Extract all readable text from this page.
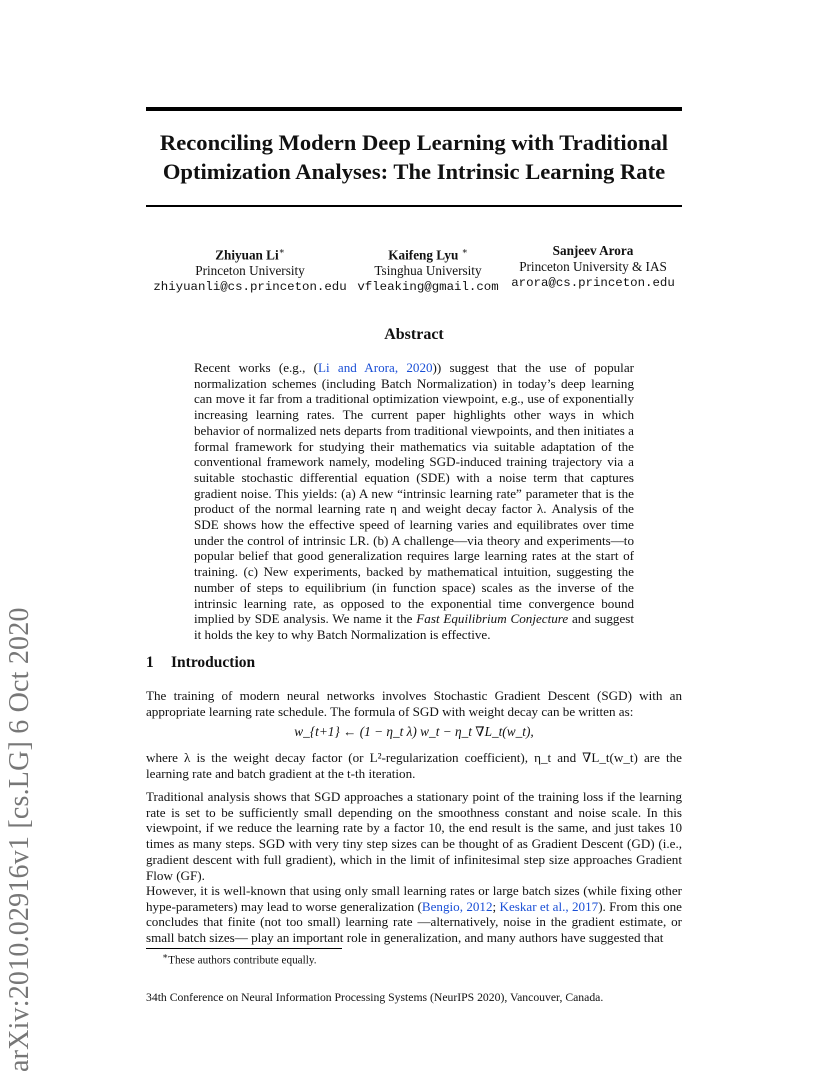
arXiv:2010.02916v1 [cs.LG] 6 Oct 2020
Reconciling Modern Deep Learning with Traditional
Optimization Analyses: The Intrinsic Learning Rate
Zhiyuan Li∗
Princeton University
zhiyuanli@cs.princeton.edu
Kaifeng Lyu ∗
Tsinghua University
vfleaking@gmail.com
Sanjeev Arora
Princeton University & IAS
arora@cs.princeton.edu
Abstract
Recent works (e.g., (Li and Arora, 2020)) suggest that the use of popular normalization schemes (including Batch Normalization) in today’s deep learning can move it far from a traditional optimization viewpoint, e.g., use of exponentially increasing learning rates. The current paper highlights other ways in which behavior of normalized nets departs from traditional viewpoints, and then initiates a formal framework for studying their mathematics via suitable adaptation of the conventional framework namely, modeling SGD-induced training trajectory via a suitable stochastic differential equation (SDE) with a noise term that captures gradient noise. This yields: (a) A new “intrinsic learning rate” parameter that is the product of the normal learning rate η and weight decay factor λ. Analysis of the SDE shows how the effective speed of learning varies and equilibrates over time under the control of intrinsic LR. (b) A challenge—via theory and experiments—to popular belief that good generalization requires large learning rates at the start of training. (c) New experiments, backed by mathematical intuition, suggesting the number of steps to equilibrium (in function space) scales as the inverse of the intrinsic learning rate, as opposed to the exponential time convergence bound implied by SDE analysis. We name it the Fast Equilibrium Conjecture and suggest it holds the key to why Batch Normalization is effective.
1 Introduction
The training of modern neural networks involves Stochastic Gradient Descent (SGD) with an appropriate learning rate schedule. The formula of SGD with weight decay can be written as:
w_{t+1} ← (1 − η_t λ) w_t − η_t ∇L_t(w_t),
where λ is the weight decay factor (or L²-regularization coefficient), η_t and ∇L_t(w_t) are the learning rate and batch gradient at the t-th iteration.
Traditional analysis shows that SGD approaches a stationary point of the training loss if the learning rate is set to be sufficiently small depending on the smoothness constant and noise scale. In this viewpoint, if we reduce the learning rate by a factor 10, the end result is the same, and just takes 10 times as many steps. SGD with very tiny step sizes can be thought of as Gradient Descent (GD) (i.e., gradient descent with full gradient), which in the limit of infinitesimal step size approaches Gradient Flow (GF).
However, it is well-known that using only small learning rates or large batch sizes (while fixing other hype-parameters) may lead to worse generalization (Bengio, 2012; Keskar et al., 2017). From this one concludes that finite (not too small) learning rate —alternatively, noise in the gradient estimate, or small batch sizes— play an important role in generalization, and many authors have suggested that
∗These authors contribute equally.
34th Conference on Neural Information Processing Systems (NeurIPS 2020), Vancouver, Canada.
